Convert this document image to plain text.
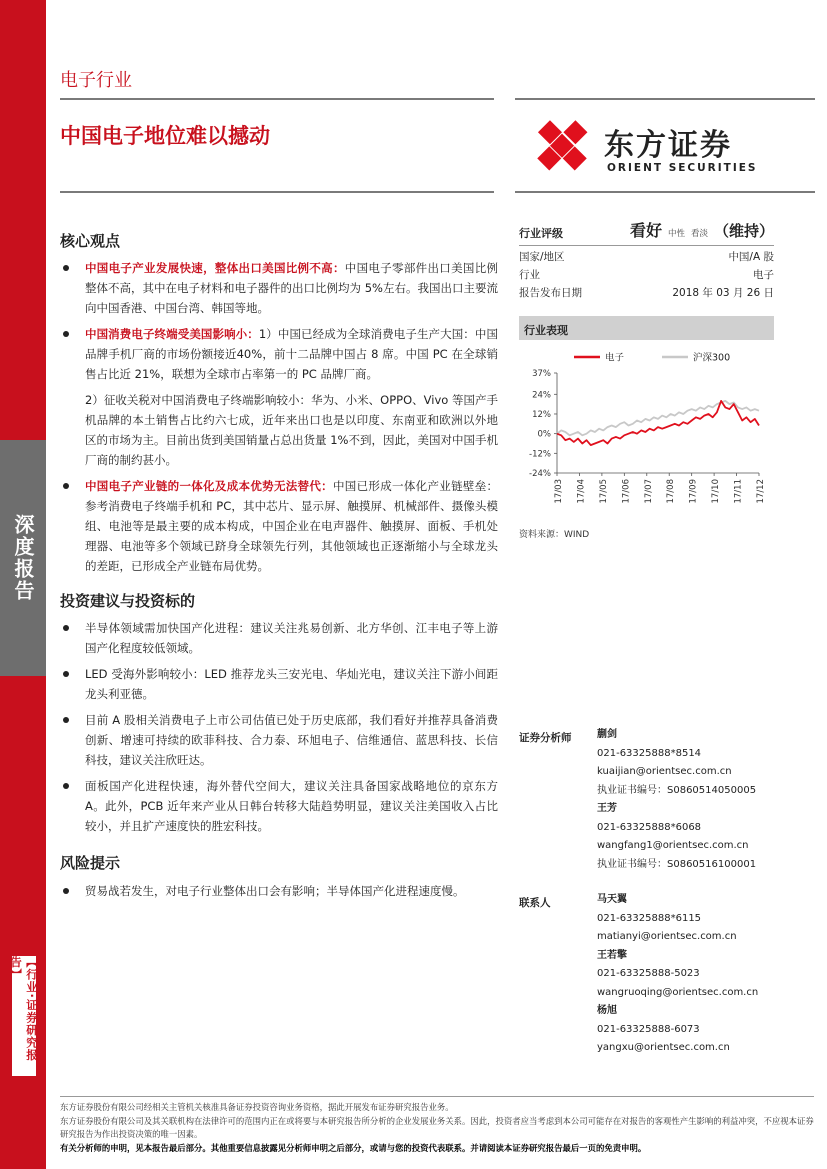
深度报告
【行业·证券研究报告】
电子行业
中国电子地位难以撼动	东方证券
ORIENT SECURITIES
核心观点
中国电子产业发展快速，整体出口美国比例不高：中国电子零部件出口美国比例整体不高，其中在电子材料和电子器件的出口比例均为 5%左右。我国出口主要流向中国香港、中国台湾、韩国等地。
中国消费电子终端受美国影响小：1）中国已经成为全球消费电子生产大国：中国品牌手机厂商的市场份额接近40%，前十二品牌中国占 8 席。中国 PC 在全球销售占比近 21%，联想为全球市占率第一的 PC 品牌厂商。
2）征收关税对中国消费电子终端影响较小：华为、小米、OPPO、Vivo 等国产手机品牌的本土销售占比约六七成，近年来出口也是以印度、东南亚和欧洲以外地区的市场为主。目前出货到美国销量占总出货量 1%不到，因此，美国对中国手机厂商的制约甚小。
中国电子产业链的一体化及成本优势无法替代：中国已形成一体化产业链壁垒：参考消费电子终端手机和 PC，其中芯片、显示屏、触摸屏、机械部件、摄像头模组、电池等是最主要的成本构成，中国企业在电声器件、触摸屏、面板、手机处理器、电池等多个领域已跻身全球领先行列，其他领域也正逐渐缩小与全球龙头的差距，已形成全产业链布局优势。
投资建议与投资标的
半导体领域需加快国产化进程：建议关注兆易创新、北方华创、江丰电子等上游国产化程度较低领域。
LED 受海外影响较小：LED 推荐龙头三安光电、华灿光电，建议关注下游小间距龙头利亚德。
目前 A 股相关消费电子上市公司估值已处于历史底部，我们看好并推荐具备消费创新、增速可持续的欧菲科技、合力泰、环旭电子、信维通信、蓝思科技、长信科技，建议关注欣旺达。
面板国产化进程快速，海外替代空间大，建议关注具备国家战略地位的京东方 A。此外，PCB 近年来产业从日韩台转移大陆趋势明显，建议关注美国收入占比较小，并且扩产速度快的胜宏科技。
风险提示
贸易战若发生，对电子行业整体出口会有影响；半导体国产化进程速度慢。
行业评级	看好 中性 看淡 （维持）
国家/地区	中国/A 股
行业	电子
报告发布日期	2018 年 03 月 26 日
行业表现
37%
24%
12%
0%
-12%
-24%
17/03 17/04 17/05 17/06 17/07 17/08 17/09 17/10 17/11 17/12
电子	沪深300
资料来源：WIND
证券分析师	蒯剑
021-63325888*8514
kuaijian@orientsec.com.cn
执业证书编号：S0860514050005
王芳
021-63325888*6068
wangfang1@orientsec.com.cn
执业证书编号：S0860516100001
联系人	马天翼
021-63325888*6115
matianyi@orientsec.com.cn
王若擎
021-63325888-5023
wangruoqing@orientsec.com.cn
杨旭
021-63325888-6073
yangxu@orientsec.com.cn
东方证券股份有限公司经相关主管机关核准具备证券投资咨询业务资格，据此开展发布证券研究报告业务。
东方证券股份有限公司及其关联机构在法律许可的范围内正在或将要与本研究报告所分析的企业发展业务关系。因此，投资者应当考虑到本公司可能存在对报告的客观性产生影响的利益冲突，不应视本证券研究报告为作出投资决策的唯一因素。
有关分析师的申明，见本报告最后部分。其他重要信息披露见分析师申明之后部分，或请与您的投资代表联系。并请阅读本证券研究报告最后一页的免责申明。
